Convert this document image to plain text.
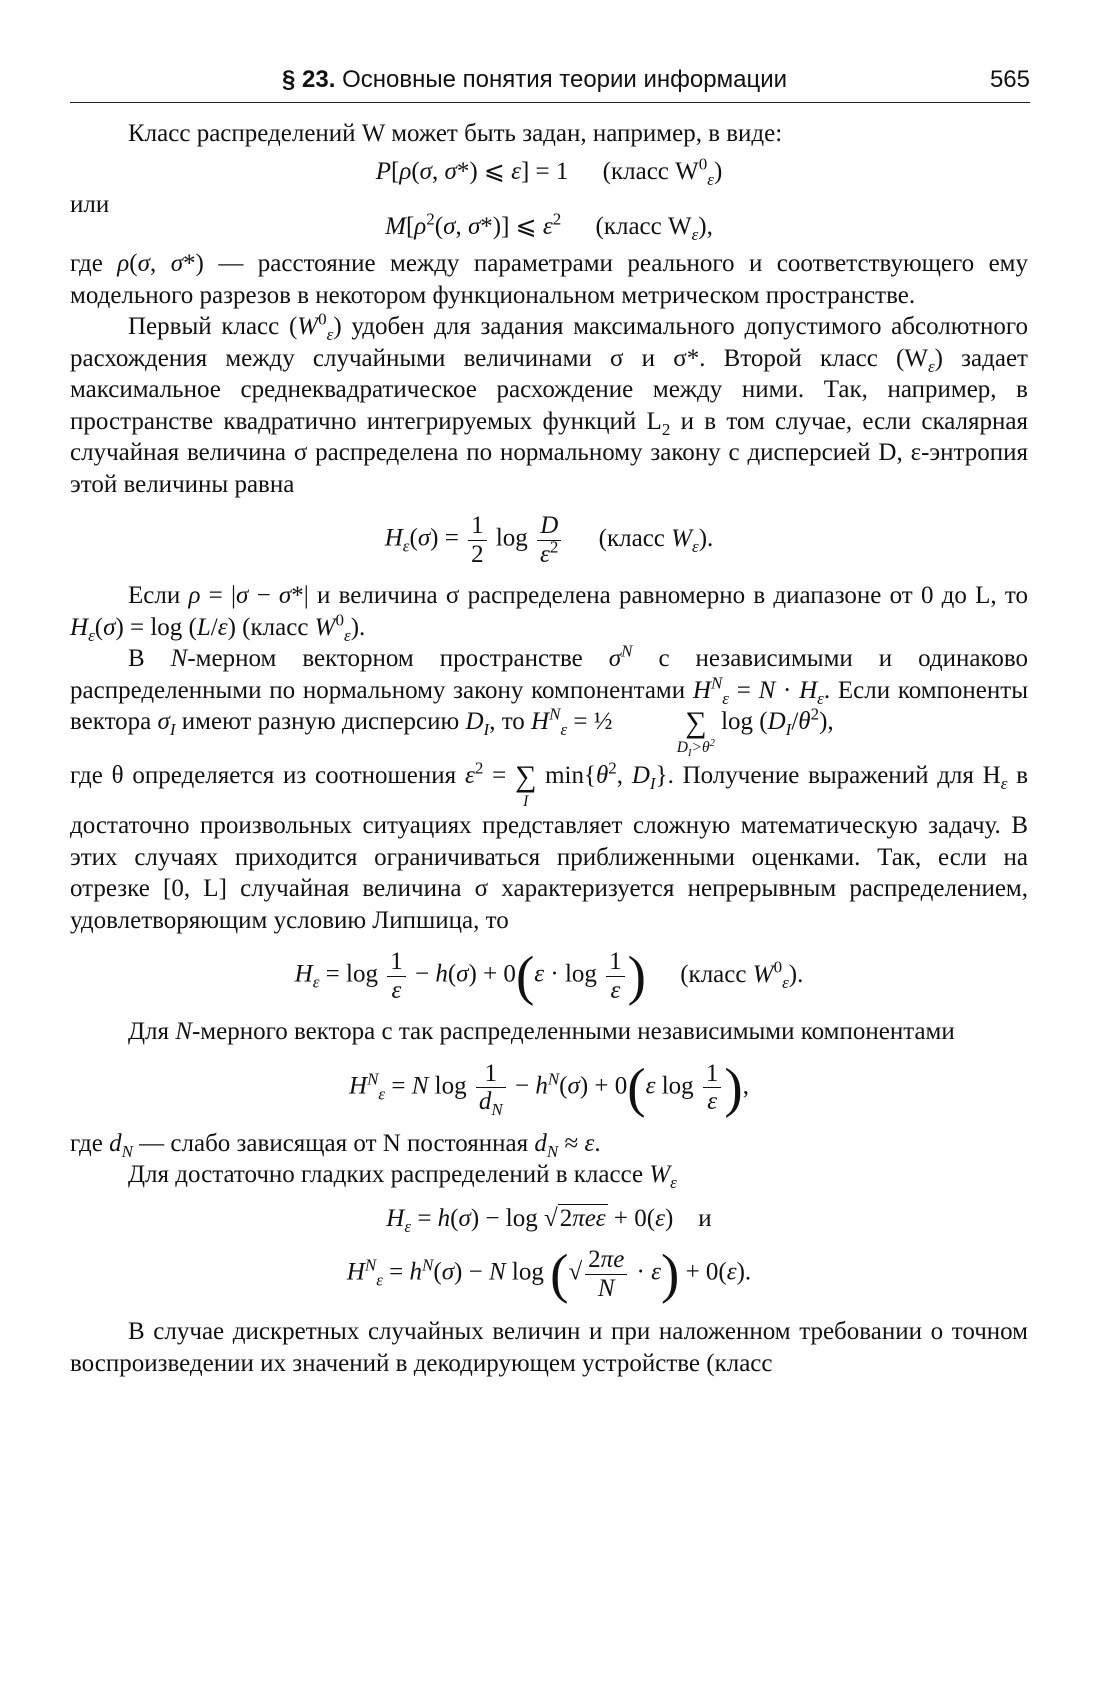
§ 23. Основные понятия теории информации	565

Класс распределений W может быть задан, например, в виде:

P[ρ(σ, σ*) ⩽ ε] = 1 (класс $W^0_\varepsilon$)
или
$M[\rho^2(\sigma$, σ*)] ⩽ $\varepsilon^2$ (класс $W_\varepsilon$),

где ρ(σ, σ*) — расстояние между параметрами реального и соответствующего ему модельного разрезов в некотором функциональном метрическом пространстве.

Первый класс $(W^0_\varepsilon)$ удобен для задания максимального допустимого абсолютного расхождения между случайными величинами σ и σ*. Второй класс $(W_\varepsilon)$ задает максимальное среднеквадратическое расхождение между ними. Так, например, в пространстве квадратично интегрируемых функций $L_2$ и в том случае, если скалярная случайная величина σ распределена по нормальному закону с дисперсией D, ε-энтропия этой величины равна

$H_\varepsilon(\sigma) = \frac{1}{2}$ $\log \frac{D}{\varepsilon^2}$ (класс $W_\varepsilon$).

Если ρ = |σ − σ*| и величина σ распределена равномерно в диапазоне от 0 до L, то $H_\varepsilon(\sigma) = \log (L/\varepsilon)$ (класс $W^0_\varepsilon$).

В N-мерном векторном пространстве $\sigma^N$ с независимыми и одинаково распределенными по нормальному закону компонентами $H^N_\varepsilon = N \cdot H_\varepsilon$. Если компоненты вектора $\sigma_I$ имеют разную дисперсию $D_I$, то $H^N_\varepsilon$ = ½	∑
$D_I>\theta^2$
$\log (D_I/\theta^2)$,

где θ определяется из соотношения $\varepsilon^2$ = ∑
I
$\min\{\theta^2$, $D_I$}. Получение выражений для $H_\varepsilon$ в достаточно произвольных ситуациях представляет сложную математическую задачу. В этих случаях приходится ограничиваться приближенными оценками. Так, если на отрезке [0, L] случайная величина σ характеризуется непрерывным распределением, удовлетворяющим условию Липшица, то

$H_\varepsilon = \log \frac{1}{\varepsilon} - h(\sigma) + 0(\varepsilon \cdot \log \frac{1}{\varepsilon}$ ) (класс $W^0_\varepsilon$).

Для N-мерного вектора с так распределенными независимыми компонентами

$H^N_\varepsilon = N$ $\log \frac{1}{d_N} - h^N(\sigma) + 0(\varepsilon$ $\log \frac{1}{\varepsilon}$ ),

где $d_N$ — слабо зависящая от N постоянная $d_N \approx \varepsilon$.

Для достаточно гладких распределений в классе $W_\varepsilon$

$H_\varepsilon = h(\sigma) - \log √2\pi e\varepsilon + 0(\varepsilon)$    и
$H^N_\varepsilon = h^N(\sigma) - N$ log (√ $\frac{2\pi e}{N} \cdot \varepsilon) + 0(\varepsilon)$.

В случае дискретных случайных величин и при наложенном требовании о точном воспроизведении их значений в декодирующем устройстве (класс
